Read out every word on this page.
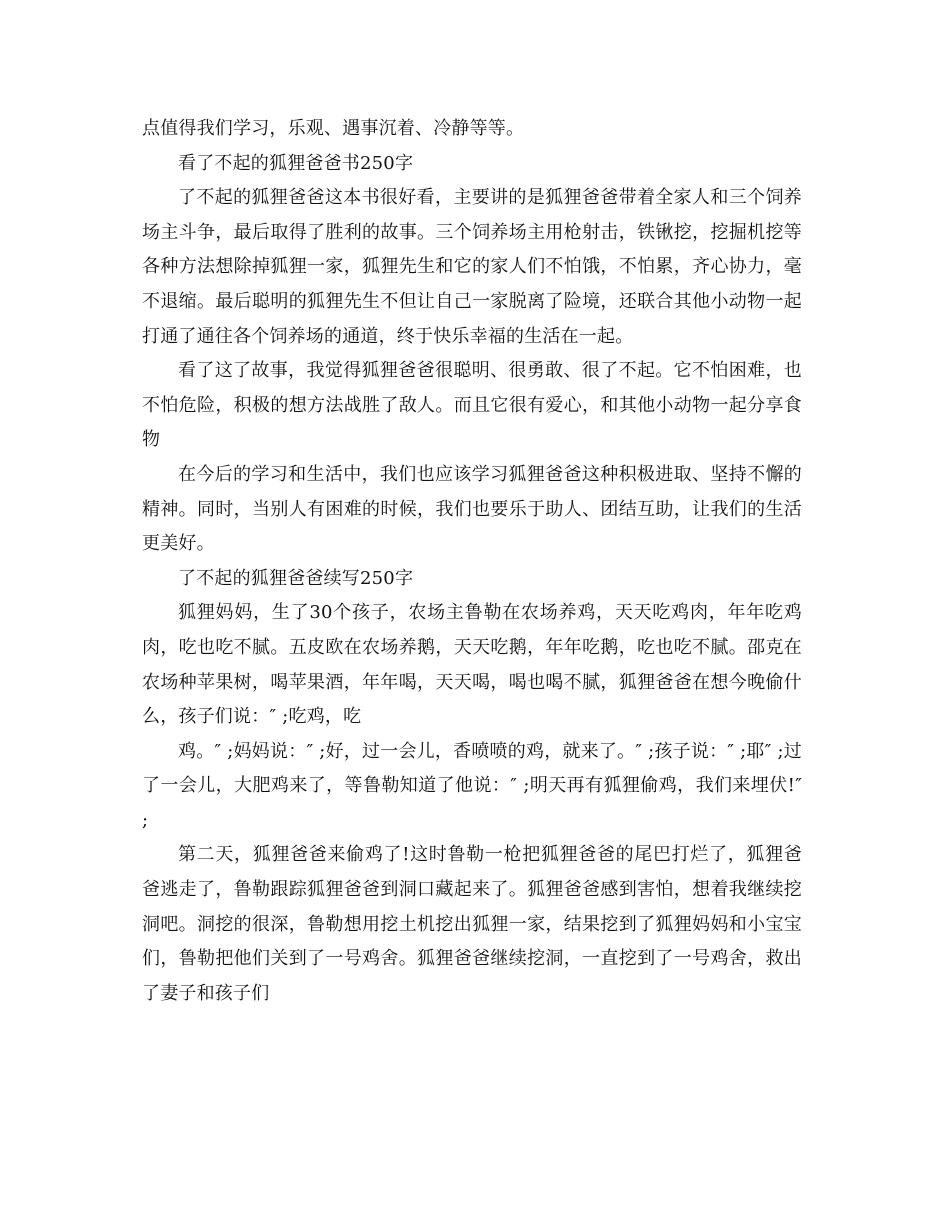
点值得我们学习，乐观、遇事沉着、冷静等等。

看了不起的狐狸爸爸书250字

了不起的狐狸爸爸这本书很好看，主要讲的是狐狸爸爸带着全家人和三个饲养场主斗争，最后取得了胜利的故事。三个饲养场主用枪射击，铁锹挖，挖掘机挖等各种方法想除掉狐狸一家，狐狸先生和它的家人们不怕饿，不怕累，齐心协力，毫不退缩。最后聪明的狐狸先生不但让自己一家脱离了险境，还联合其他小动物一起打通了通往各个饲养场的通道，终于快乐幸福的生活在一起。

看了这了故事，我觉得狐狸爸爸很聪明、很勇敢、很了不起。它不怕困难，也不怕危险，积极的想方法战胜了敌人。而且它很有爱心，和其他小动物一起分享食物

在今后的学习和生活中，我们也应该学习狐狸爸爸这种积极进取、坚持不懈的精神。同时，当别人有困难的时候，我们也要乐于助人、团结互助，让我们的生活更美好。

了不起的狐狸爸爸续写250字

狐狸妈妈，生了30个孩子，农场主鲁勒在农场养鸡，天天吃鸡肉，年年吃鸡肉，吃也吃不腻。五皮欧在农场养鹅，天天吃鹅，年年吃鹅，吃也吃不腻。邵克在农场种苹果树，喝苹果酒，年年喝，天天喝，喝也喝不腻，狐狸爸爸在想今晚偷什么，孩子们说：″ ;吃鸡，吃

鸡。″ ;妈妈说：″ ;好，过一会儿，香喷喷的鸡，就来了。″ ;孩子说：″ ;耶″ ;过了一会儿，大肥鸡来了，等鲁勒知道了他说：″ ;明天再有狐狸偷鸡，我们来埋伏!″ ;

第二天，狐狸爸爸来偷鸡了!这时鲁勒一枪把狐狸爸爸的尾巴打烂了，狐狸爸爸逃走了，鲁勒跟踪狐狸爸爸到洞口藏起来了。狐狸爸爸感到害怕，想着我继续挖洞吧。洞挖的很深，鲁勒想用挖土机挖出狐狸一家，结果挖到了狐狸妈妈和小宝宝们，鲁勒把他们关到了一号鸡舍。狐狸爸爸继续挖洞，一直挖到了一号鸡舍，救出了妻子和孩子们
